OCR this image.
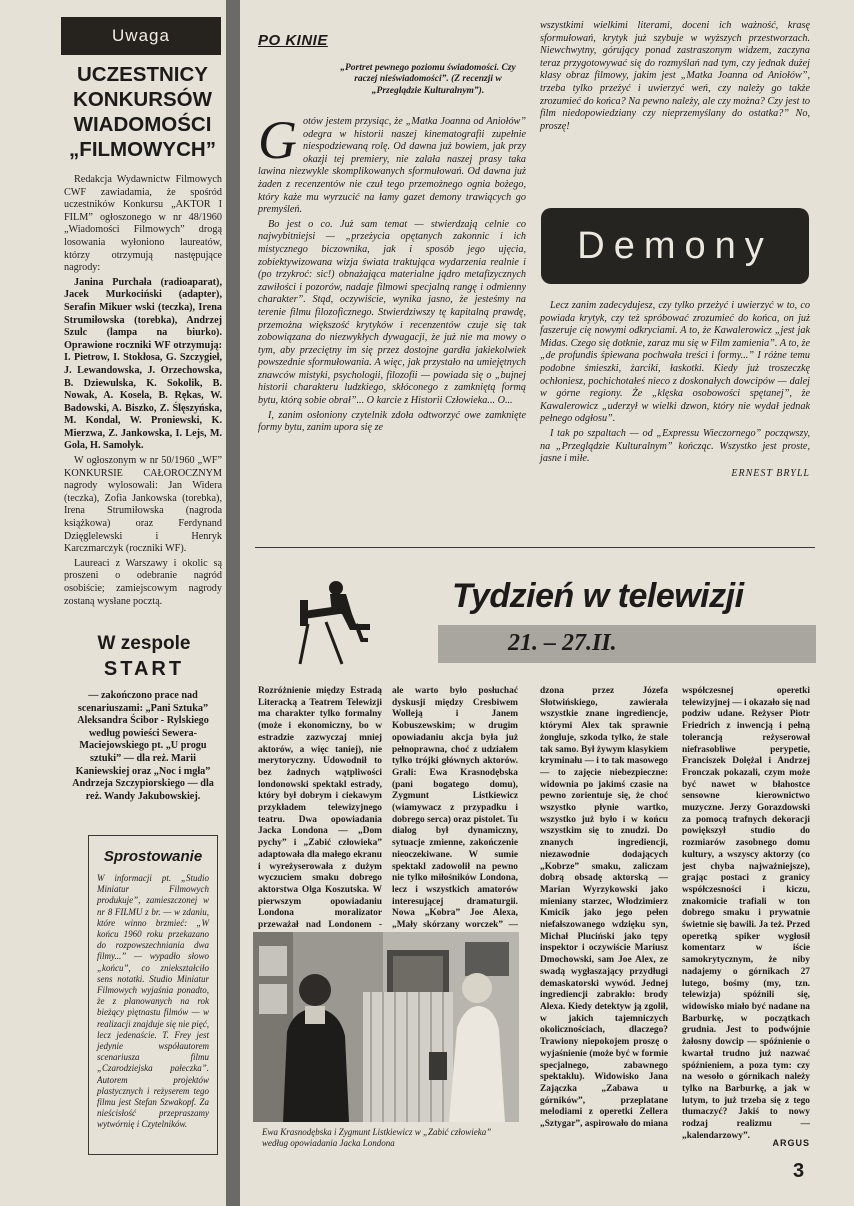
Uwaga
UCZESTNICY
KONKURSÓW
WIADOMOŚCI
„FILMOWYCH”

Redakcja Wydawnictw Filmowych CWF zawiadamia, że spośród uczestników Konkursu „AKTOR I FILM” ogłoszonego w nr 48/1960 „Wiadomości Filmowych” drogą losowania wyłoniono laureatów, którzy otrzymują następujące nagrody:

Janina Purchała (radioaparat), Jacek Murkociński (adapter), Serafin Mikuer wski (teczka), Irena Strumiłowska (torebka), Andrzej Szulc (lampa na biurko). Oprawione roczniki WF otrzymują: I. Pietrow, I. Stokłosa, G. Szczygieł, J. Lewandowska, J. Orzechowska, B. Dziewulska, K. Sokolik, B. Nowak, A. Kosela, B. Rękas, W. Badowski, A. Biszko, Z. Ślęszyńska, M. Kondal, W. Proniewski, K. Mierzwa, Z. Jankowska, I. Lejs, M. Gola, H. Samołyk.

W ogłoszonym w nr 50/1960 „WF” KONKURSIE CAŁOROCZNYM nagrody wylosowali: Jan Widera (teczka), Zofia Jankowska (torebka), Irena Strumiłowska (nagroda książkowa) oraz Ferdynand Dzięglelewski i Henryk Karczmarczyk (roczniki WF).

Laureaci z Warszawy i okolic są proszeni o odebranie nagród osobiście; zamiejscowym nagrody zostaną wysłane pocztą.

W zespole
START
— zakończono prace nad scenariuszami: „Pani Sztuka” Aleksandra Ścibor - Rylskiego według powieści Sewera-Maciejowskiego pt. „U progu sztuki” — dla reż. Marii Kaniewskiej oraz „Noc i mgła” Andrzeja Szczypiorskiego — dla reż. Wandy Jakubowskiej.
Sprostowanie
W informacji pt. „Studio Miniatur Filmowych produkuje”, zamieszczonej w nr 8 FILMU z br. — w zdaniu, które winno brzmieć: „W końcu 1960 roku przekazano do rozpowszechniania dwa filmy...” — wypadło słowo „końcu”, co zniekształciło sens notatki. Studio Miniatur Filmowych wyjaśnia ponadto, że z planowanych na rok bieżący piętnastu filmów — w realizacji znajduje się nie pięć, lecz jedenaście. T. Frey jest jedynie współautorem scenariusza filmu „Czarodziejska pałeczka”. Autorem projektów plastycznych i reżyserem tego filmu jest Stefan Szwakopf. Za nieścisłość przepraszamy wytwórnię i Czytelników.
PO KINIE
„Portret pewnego poziomu świadomości. Czy raczej nieświadomości”. (Z recenzji w „Przeglądzie Kulturalnym”).
G otów jestem przysiąc, że „Matka Joanna od Aniołów” odegra w historii naszej kinematografii zupełnie niespodziewaną rolę. Od dawna już bowiem, jak przy okazji tej premiery, nie zalała naszej prasy taka lawina niezwykle skomplikowanych sformułowań. Od dawna już żaden z recenzentów nie czuł tego przemożnego ognia bożego, który każe mu wyrzucić na łamy gazet demony trawiących go premyśleń.

Bo jest o co. Już sam temat — stwierdzają celnie co najwybitniejsi — „przeżycia opętanych zakonnic i ich mistycznego biczownika, jak i sposób jego ujęcia, zobiektywizowana wizja świata traktująca wydarzenia realnie i (po trzykroć: sic!) obnażająca materialne jądro metafizycznych zawiłości i pozorów, nadaje filmowi specjalną rangę i odmienny charakter”. Stąd, oczywiście, wynika jasno, że jesteśmy na terenie filmu filozoficznego. Stwierdziwszy tę kapitalną prawdę, przemożna większość krytyków i recenzentów czuje się tak zobowiązana do niezwykłych dywagacji, że już nie ma mowy o tym, aby przeciętny im się przez dostojne gardła jakiekolwiek powszednie sformułowania. A więc, jak przystało na umiejętnych znawców mistyki, psychologii, filozofii — powiada się o „bujnej historii charakteru ludzkiego, skłóconego z zamkniętą formą bytu, którą sobie obrał”... O karcie z Historii Człowieka... O...

I, zanim osłoniony czytelnik zdoła odtworzyć owe zamknięte formy bytu, zanim upora się ze

wszystkimi wielkimi literami, doceni ich ważność, krasę sformułowań, krytyk już szybuje w wyższych przestworzach. Niewchwytny, górujący ponad zastraszonym widzem, zaczyna teraz przygotowywać się do rozmyślań nad tym, czy jednak dużej klasy obraz filmowy, jakim jest „Matka Joanna od Aniołów”, trzeba tylko przeżyć i uwierzyć weń, czy należy go także zrozumieć do końca? Na pewno należy, ale czy można? Czy jest to film niedopowiedziany czy nieprzemyślany do ostatka?” No, proszę!
Demony

Lecz zanim zadecydujesz, czy tylko przeżyć i uwierzyć w to, co powiada krytyk, czy też spróbować zrozumieć do końca, on już faszeruje cię nowymi odkryciami. A to, że Kawalerowicz „jest jak Midas. Czego się dotknie, zaraz mu się w Film zamienia”. A to, że „de profundis śpiewana pochwała treści i formy...” I różne temu podobne śmieszki, żarciki, łaskotki. Kiedy już troszeczkę ochłoniesz, pochichotałeś nieco z doskonałych dowcipów — dalej w górne regiony. Że „klęska osobowości spętanej”, że Kawalerowicz „uderzył w wielki dzwon, który nie wydał jednak pełnego odgłosu”.

I tak po szpaltach — od „Expressu Wieczornego” począwszy, na „Przeglądzie Kulturalnym” kończąc. Wszystko jest proste, jasne i miłe.

ERNEST BRYLL
Tydzień w telewizji
21. – 27.II.
Rozróżnienie między Estradą Literacką a Teatrem Telewizji ma charakter tylko formalny (może i ekonomiczny, bo w estradzie zazwyczaj mniej aktorów, a więc taniej), nie merytoryczny. Udowodnił to bez żadnych wątpliwości londonowski spektakl estrady, który był dobrym i ciekawym przykładem telewizyjnego teatru. Dwa opowiadania Jacka Londona — „Dom pychy” i „Zabić człowieka” adaptowała dla małego ekranu i wyreżyserowała z dużym wyczuciem smaku dobrego aktorstwa Olga Koszutska. W pierwszym opowiadaniu Londona moralizator przeważał nad Londonem -
ale warto było posłuchać dyskusji między Cresbiwem Wolleją i Janem Kobuszewskim; w drugim opowiadaniu akcja była już pełnoprawna, choć z udziałem tylko trójki głównych aktorów. Grali: Ewa Krasnodębska (pani bogatego domu), Zygmunt Listkiewicz (wiamywacz z przypadku i dobrego serca) oraz pistolet. Tu dialog był dynamiczny, sytuacje zmienne, zakończenie nieoczekiwane. W sumie spektakl zadowolił na pewno nie tylko miłośników Londona, lecz i wszystkich amatorów interesującej dramaturgii. Nowa „Kobra” Joe Alexa, „Mały skórzany worczek” —
dzona przez Józefa Słotwińskiego, zawierała wszystkie znane ingrediencje, którymi Alex tak sprawnie żongluje, szkoda tylko, że stale tak samo. Był żywym klasykiem kryminału — i to tak masowego — to zajęcie niebezpieczne: widownia po jakimś czasie na pewno zorientuje się, że choć wszystko płynie wartko, wszystko już było i w końcu wszystkim się to znudzi. Do znanych ingrediencji, niezawodnie dodających „Kobrze” smaku, zaliczam dobrą obsadę aktorską — Marian Wyrzykowski jako mieniany starzec, Włodzimierz Kmicik jako jego pełen niefałszowanego wdzięku syn, Michał Pluciński jako tępy inspektor i oczywiście Mariusz Dmochowski, sam Joe Alex, ze swadą wygłaszający przydługi demaskatorski wywód. Jednej ingrediencji zabrakło: brody Alexa. Kiedy detektyw ją zgolił, w jakich tajemniczych okolicznościach, dlaczego? Trawiony niepokojem proszę o wyjaśnienie (może być w formie specjalnego, zabawnego spektaklu). Widowisko Jana Zajączka „Zabawa u górników”, przeplatane melodiami z operetki Zellera „Sztygar”, aspirowało do miana
współczesnej operetki telewizyjnej — i okazało się nad podziw udane. Reżyser Piotr Friedrich z inwencją i pełną tolerancją reżyserował niefrasobliwe perypetie, Franciszek Dolężal i Andrzej Fronczak pokazali, czym może być nawet w błahostce sensowne kierownictwo muzyczne. Jerzy Gorazdowski za pomocą trafnych dekoracji powiększył studio do rozmiarów zasobnego domu kultury, a wszyscy aktorzy (co jest chyba najważniejsze), grając postaci z granicy współczesności i kiczu, znakomicie trafiali w ton dobrego smaku i prywatnie świetnie się bawili. Ja też. Przed operetką spiker wygłosił komentarz w iście samokrytycznym, że niby nadajemy o górnikach 27 lutego, bośmy (my, tzn. telewizja) spóźnili się, widowisko miało być nadane na Barburkę, w początkach grudnia. Jest to podwójnie żałosny dowcip — spóźnienie o kwartał trudno już nazwać spóźnieniem, a poza tym: czy na wesoło o górnikach należy tylko na Barburkę, a jak w lutym, to już trzeba się z tego tłumaczyć? Jakiś to nowy rodzaj realizmu — „kalendarzowy”.
ARGUS
Ewa Krasnodębska i Zygmunt Listkiewicz w „Zabić człowieka” według opowiadania Jacka Londona
3
